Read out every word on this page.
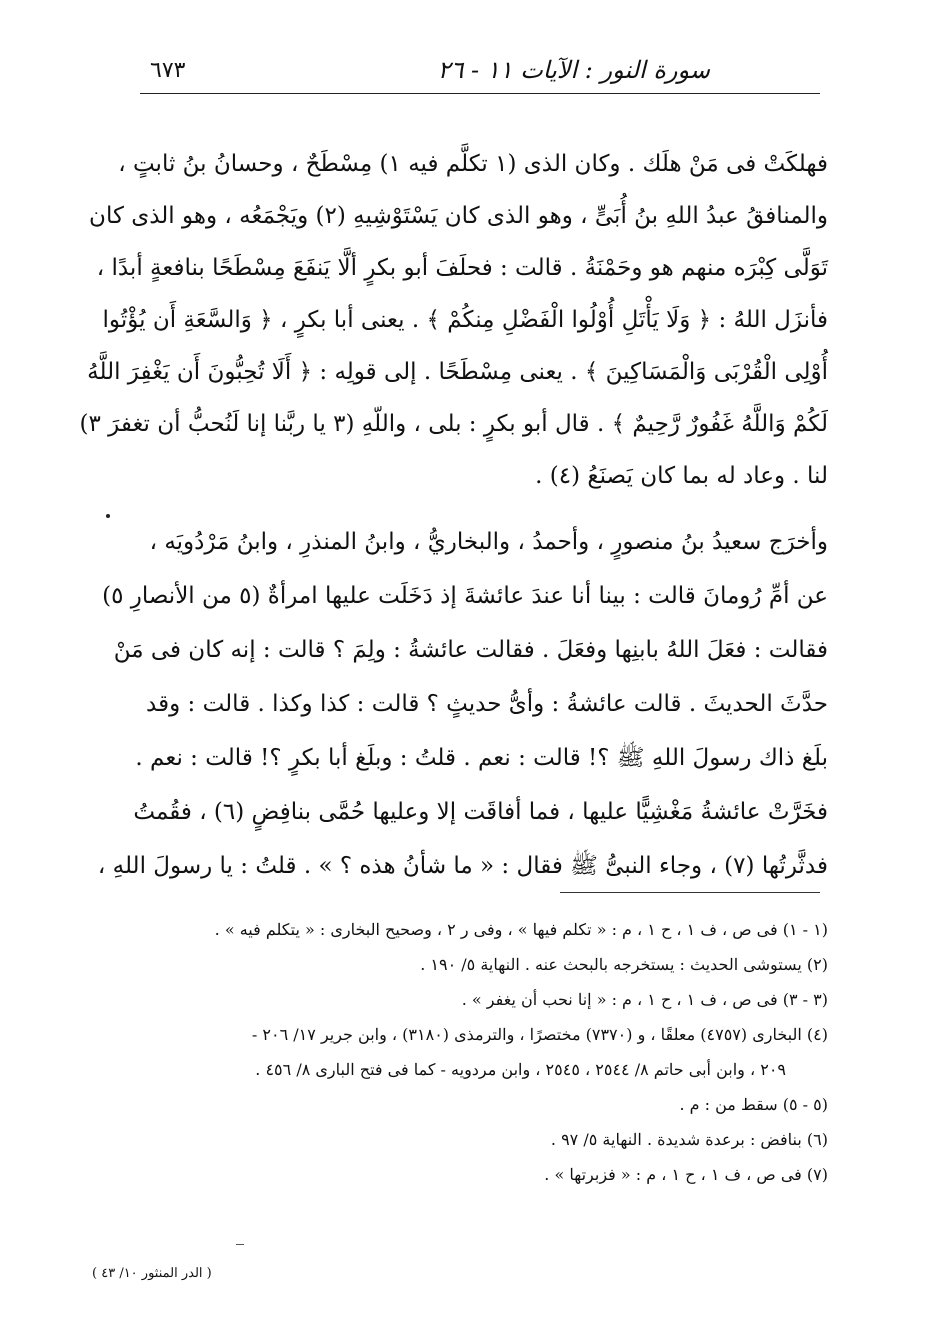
سورة النور : الآيات ١١ - ٢٦
٦٧٣
فهلكَتْ فى مَنْ هلَك . وكان الذى (١ تكلَّم فيه ١) مِسْطَحٌ ، وحسانُ بنُ ثابتٍ ،
والمنافقُ عبدُ اللهِ بنُ أُبَىٍّ ، وهو الذى كان يَسْتَوْشِيهِ (٢) ويَجْمَعُه ، وهو الذى كان
تَوَلَّى كِبْرَه منهم هو وحَمْنَةُ . قالت : فحلَفَ أبو بكرٍ ألَّا يَنفَعَ مِسْطَحًا بنافعةٍ أبدًا ،
فأنزَل اللهُ : ﴿ وَلَا يَأْتَلِ أُوْلُوا الْفَضْلِ مِنكُمْ ﴾ . يعنى أبا بكرٍ ، ﴿ وَالسَّعَةِ أَن يُؤْتُوا
أُوْلِى الْقُرْبَى وَالْمَسَاكِينَ ﴾ . يعنى مِسْطَحًا . إلى قولِه : ﴿ أَلَا تُحِبُّونَ أَن يَغْفِرَ اللَّهُ
لَكُمْ وَاللَّهُ غَفُورٌ رَّحِيمٌ ﴾ . قال أبو بكرٍ : بلى ، واللّهِ (٣ يا ربَّنا إنا لَنُحبُّ أن تغفرَ ٣)
لنا . وعاد له بما كان يَصنَعُ (٤) .
وأخرَج سعيدُ بنُ منصورٍ ، وأحمدُ ، والبخاريُّ ، وابنُ المنذرِ ، وابنُ مَرْدُويَه ،
عن أمِّ رُومانَ قالت : بينا أنا عندَ عائشةَ إذ دَخَلَت عليها امرأةٌ (٥ من الأنصارِ ٥)
فقالت : فعَلَ اللهُ بابنِها وفعَلَ . فقالت عائشةُ : ولِمَ ؟ قالت : إنه كان فى مَنْ
حدَّثَ الحديثَ . قالت عائشةُ : وأىُّ حديثٍ ؟ قالت : كذا وكذا . قالت : وقد
بلَغ ذاك رسولَ اللهِ ﷺ ؟! قالت : نعم . قلتُ : وبلَغ أبا بكرٍ ؟! قالت : نعم .
فخَرَّتْ عائشةُ مَغْشِيًّا عليها ، فما أفاقَت إلا وعليها حُمَّى بنافِضٍ (٦) ، فقُمتُ
فدثَّرتُها (٧) ، وجاء النبىُّ ﷺ فقال : « ما شأنُ هذه ؟ » . قلتُ : يا رسولَ اللهِ ،
(١ - ١) فى ص ، ف ١ ، ح ١ ، م : « تكلم فيها » ، وفى ر ٢ ، وصحيح البخارى : « يتكلم فيه » .
(٢) يستوشى الحديث : يستخرجه بالبحث عنه . النهاية ٥/ ١٩٠ .
(٣ - ٣) فى ص ، ف ١ ، ح ١ ، م : « إنا نحب أن يغفر » .
(٤) البخارى (٤٧٥٧) معلقًا ، و (٧٣٧٠) مختصرًا ، والترمذى (٣١٨٠) ، وابن جرير ١٧/ ٢٠٦ -
٢٠٩ ، وابن أبى حاتم ٨/ ٢٥٤٤ ، ٢٥٤٥ ، وابن مردويه - كما فى فتح البارى ٨/ ٤٥٦ .
(٥ - ٥) سقط من : م .
(٦) بنافض : برعدة شديدة . النهاية ٥/ ٩٧ .
(٧) فى ص ، ف ١ ، ح ١ ، م : « فزبرتها » .
( الدر المنثور ١٠/ ٤٣ )
